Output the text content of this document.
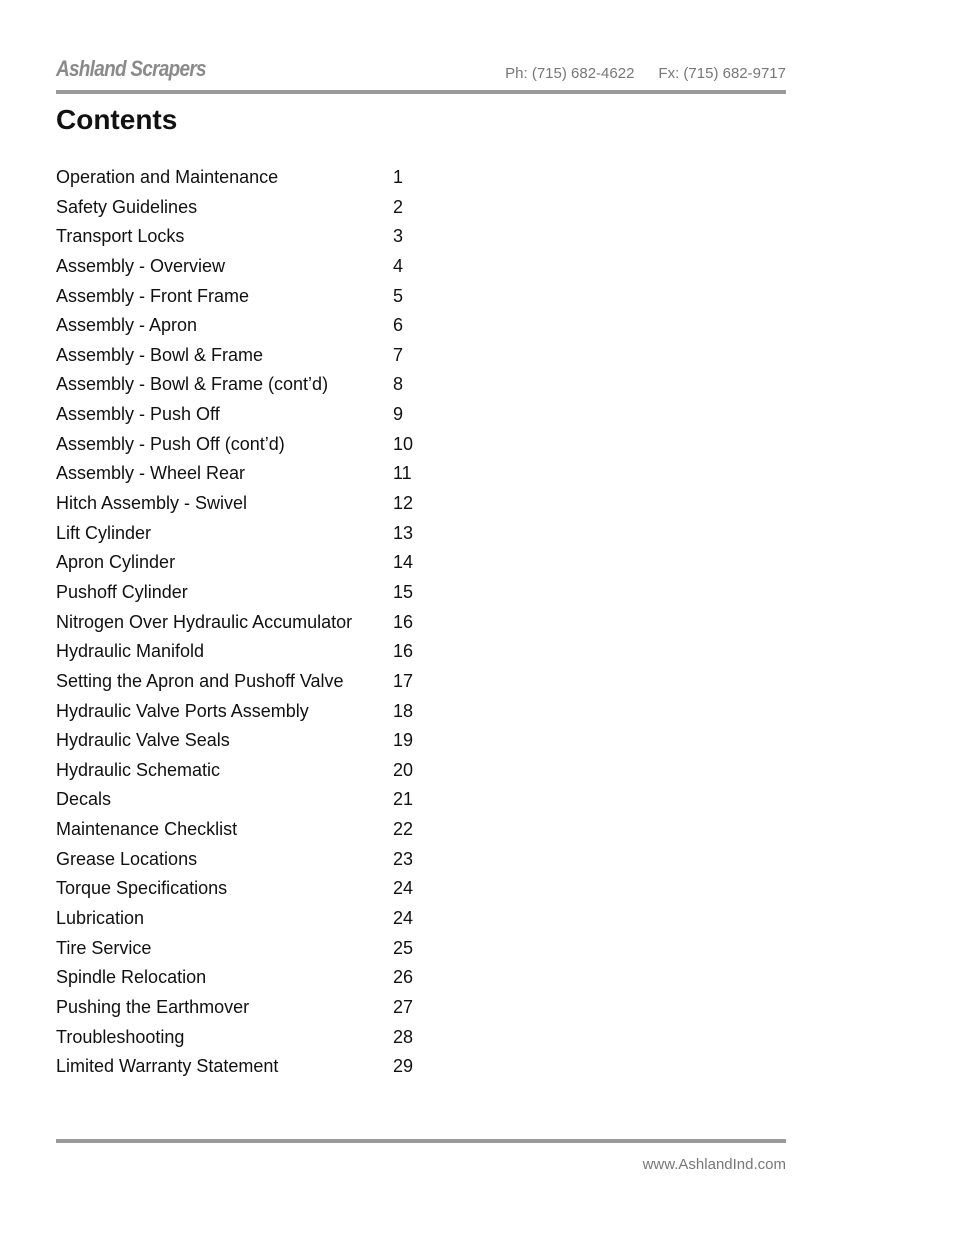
Ashland Scrapers	Ph: (715) 682-4622 Fx: (715) 682-9717
Contents
Operation and Maintenance	1
Safety Guidelines	2
Transport Locks	3
Assembly - Overview	4
Assembly - Front Frame	5
Assembly - Apron	6
Assembly - Bowl & Frame	7
Assembly - Bowl & Frame (cont’d)	8
Assembly - Push Off	9
Assembly - Push Off (cont’d)	10
Assembly - Wheel Rear	11
Hitch Assembly - Swivel	12
Lift Cylinder	13
Apron Cylinder	14
Pushoff Cylinder	15
Nitrogen Over Hydraulic Accumulator 16
Hydraulic Manifold	16
Setting the Apron and Pushoff Valve	17
Hydraulic Valve Ports Assembly	18
Hydraulic Valve Seals	19
Hydraulic Schematic	20
Decals	21
Maintenance Checklist	22
Grease Locations	23
Torque Specifications	24
Lubrication	24
Tire Service	25
Spindle Relocation	26
Pushing the Earthmover	27
Troubleshooting	28
Limited Warranty Statement	29
www.AshlandInd.com
